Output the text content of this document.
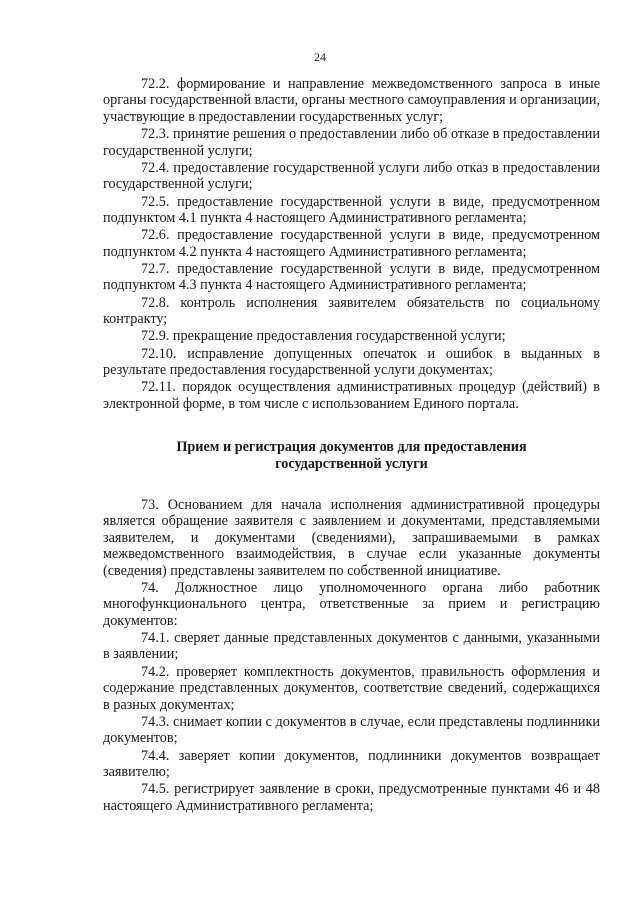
24

72.2. формирование и направление межведомственного запроса в иные органы государственной власти, органы местного самоуправления и организации, участвующие в предоставлении государственных услуг;

72.3. принятие решения о предоставлении либо об отказе в предоставлении государственной услуги;

72.4. предоставление государственной услуги либо отказ в предоставлении государственной услуги;

72.5. предоставление государственной услуги в виде, предусмотренном подпунктом 4.1 пункта 4 настоящего Административного регламента;

72.6. предоставление государственной услуги в виде, предусмотренном подпунктом 4.2 пункта 4 настоящего Административного регламента;

72.7. предоставление государственной услуги в виде, предусмотренном подпунктом 4.3 пункта 4 настоящего Административного регламента;

72.8. контроль исполнения заявителем обязательств по социальному контракту;

72.9. прекращение предоставления государственной услуги;

72.10. исправление допущенных опечаток и ошибок в выданных в результате предоставления государственной услуги документах;

72.11. порядок осуществления административных процедур (действий) в электронной форме, в том числе с использованием Единого портала.

Прием и регистрация документов для предоставления
государственной услуги

73. Основанием для начала исполнения административной процедуры является обращение заявителя с заявлением и документами, представляемыми заявителем, и документами (сведениями), запрашиваемыми в рамках межведомственного взаимодействия, в случае если указанные документы (сведения) представлены заявителем по собственной инициативе.

74. Должностное лицо уполномоченного органа либо работник многофункционального центра, ответственные за прием и регистрацию документов:

74.1. сверяет данные представленных документов с данными, указанными в заявлении;

74.2. проверяет комплектность документов, правильность оформления и содержание представленных документов, соответствие сведений, содержащихся в разных документах;

74.3. снимает копии с документов в случае, если представлены подлинники документов;

74.4. заверяет копии документов, подлинники документов возвращает заявителю;

74.5. регистрирует заявление в сроки, предусмотренные пунктами 46 и 48 настоящего Административного регламента;
